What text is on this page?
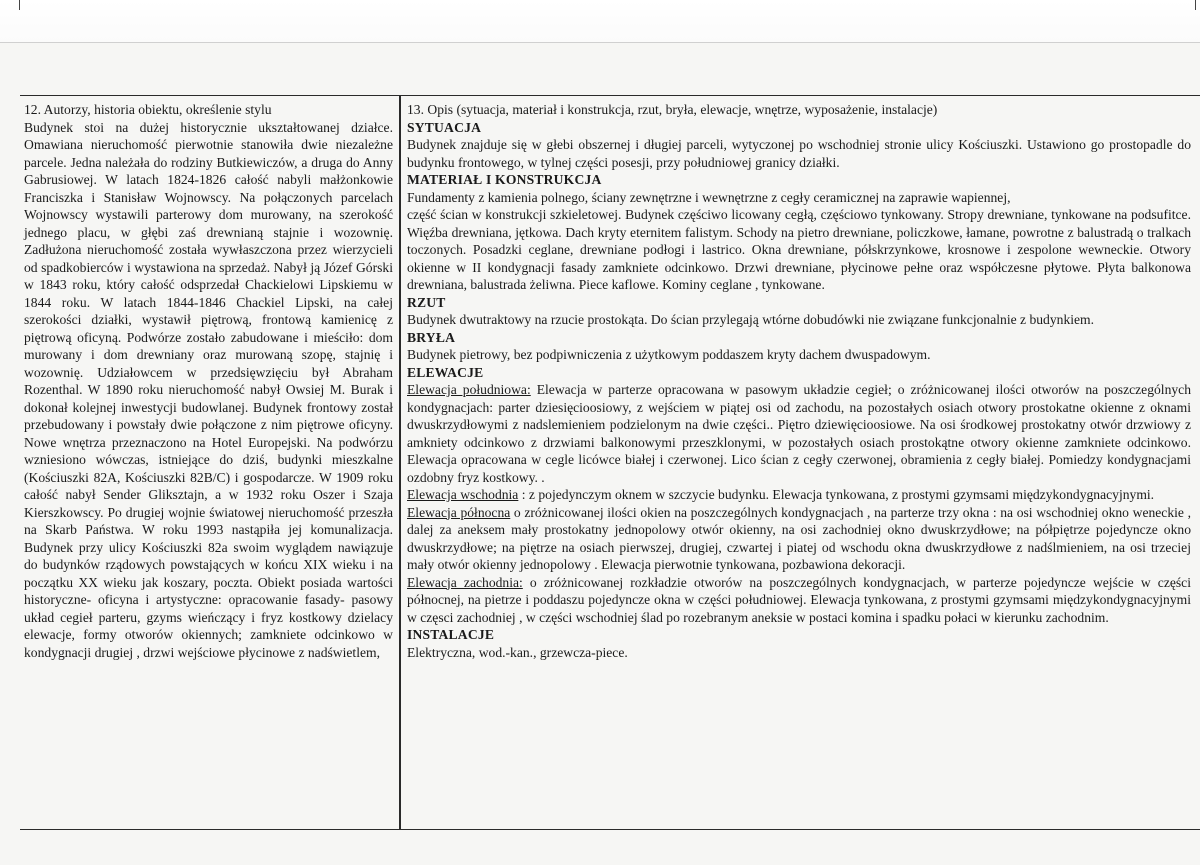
12. Autorzy, historia obiektu, określenie stylu

Budynek stoi na dużej historycznie ukształtowanej działce. Omawiana nieruchomość pierwotnie stanowiła dwie niezależne parcele. Jedna należała do rodziny Butkiewiczów, a druga do Anny Gabrusiowej. W latach 1824-1826 całość nabyli małżonkowie Franciszka i Stanisław Wojnowscy. Na połączonych parcelach Wojnowscy wystawili parterowy dom murowany, na szerokość jednego placu, w głębi zaś drewnianą stajnie i wozownię. Zadłużona nieruchomość została wywłaszczona przez wierzycieli od spadkobierców i wystawiona na sprzedaż. Nabył ją Józef Górski w 1843 roku, który całość odsprzedał Chackielowi Lipskiemu w 1844 roku. W latach 1844-1846 Chackiel Lipski, na całej szerokości działki, wystawił piętrową, frontową kamienicę z piętrową oficyną. Podwórze zostało zabudowane i mieściło: dom murowany i dom drewniany oraz murowaną szopę, stajnię i wozownię. Udziałowcem w przedsięwzięciu był Abraham Rozenthal. W 1890 roku nieruchomość nabył Owsiej M. Burak i dokonał kolejnej inwestycji budowlanej. Budynek frontowy został przebudowany i powstały dwie połączone z nim piętrowe oficyny. Nowe wnętrza przeznaczono na Hotel Europejski. Na podwórzu wzniesiono wówczas, istniejące do dziś, budynki mieszkalne (Kościuszki 82A, Kościuszki 82B/C) i gospodarcze. W 1909 roku całość nabył Sender Gliksztajn, a w 1932 roku Oszer i Szaja Kierszkowscy. Po drugiej wojnie światowej nieruchomość przeszła na Skarb Państwa. W roku 1993 nastąpiła jej komunalizacja. Budynek przy ulicy Kościuszki 82a swoim wyglądem nawiązuje do budynków rządowych powstających w końcu XIX wieku i na początku XX wieku jak koszary, poczta. Obiekt posiada wartości historyczne- oficyna i artystyczne: opracowanie fasady- pasowy układ cegieł parteru, gzyms wieńczący i fryz kostkowy dzielacy elewacje, formy otworów okiennych; zamkniete odcinkowo w kondygnacji drugiej , drzwi wejściowe płycinowe z nadświetlem,

13. Opis (sytuacja, materiał i konstrukcja, rzut, bryła, elewacje, wnętrze, wyposażenie, instalacje)

SYTUACJA

Budynek znajduje się w głebi obszernej i długiej parceli, wytyczonej po wschodniej stronie ulicy Kościuszki. Ustawiono go prostopadle do budynku frontowego, w tylnej części posesji, przy południowej granicy działki.

MATERIAŁ I KONSTRUKCJA

Fundamenty z kamienia polnego, ściany zewnętrzne i wewnętrzne z cegły ceramicznej na zaprawie wapiennej,

część ścian w konstrukcji szkieletowej. Budynek częściwo licowany cegłą, częściowo tynkowany. Stropy drewniane, tynkowane na podsufitce. Więźba drewniana, jętkowa. Dach kryty eternitem falistym. Schody na pietro drewniane, policzkowe, łamane, powrotne z balustradą o tralkach toczonych. Posadzki ceglane, drewniane podłogi i lastrico. Okna drewniane, półskrzynkowe, krosnowe i zespolone wewneckie. Otwory okienne w II kondygnacji fasady zamkniete odcinkowo. Drzwi drewniane, płycinowe pełne oraz współczesne płytowe. Płyta balkonowa drewniana, balustrada żeliwna. Piece kaflowe. Kominy ceglane , tynkowane.

RZUT

Budynek dwutraktowy na rzucie prostokąta. Do ścian przylegają wtórne dobudówki nie związane funkcjonalnie z budynkiem.

BRYŁA

Budynek pietrowy, bez podpiwniczenia z użytkowym poddaszem kryty dachem dwuspadowym.

ELEWACJE

Elewacja południowa: Elewacja w parterze opracowana w pasowym układzie cegieł; o zróżnicowanej ilości otworów na poszczególnych kondygnacjach: parter dziesięcioosiowy, z wejściem w piątej osi od zachodu, na pozostałych osiach otwory prostokatne okienne z oknami dwuskrzydłowymi z nadslemieniem podzielonym na dwie części.. Piętro dziewięcioosiowe. Na osi środkowej prostokatny otwór drzwiowy z amkniety odcinkowo z drzwiami balkonowymi przeszklonymi, w pozostałych osiach prostokątne otwory okienne zamkniete odcinkowo. Elewacja opracowana w cegle licówce białej i czerwonej. Lico ścian z cegły czerwonej, obramienia z cegły białej. Pomiedzy kondygnacjami ozdobny fryz kostkowy. .

Elewacja wschodnia : z pojedynczym oknem w szczycie budynku. Elewacja tynkowana, z prostymi gzymsami międzykondygnacyjnymi.

Elewacja północna o zróżnicowanej ilości okien na poszczególnych kondygnacjach , na parterze trzy okna : na osi wschodniej okno weneckie , dalej za aneksem mały prostokatny jednopolowy otwór okienny, na osi zachodniej okno dwuskrzydłowe; na półpiętrze pojedyncze okno dwuskrzydłowe; na piętrze na osiach pierwszej, drugiej, czwartej i piatej od wschodu okna dwuskrzydłowe z nadślmieniem, na osi trzeciej mały otwór okienny jednopolowy . Elewacja pierwotnie tynkowana, pozbawiona dekoracji.

Elewacja zachodnia: o zróżnicowanej rozkładzie otworów na poszczególnych kondygnacjach, w parterze pojedyncze wejście w części północnej, na pietrze i poddaszu pojedyncze okna w części południowej. Elewacja tynkowana, z prostymi gzymsami międzykondygnacyjnymi w częsci zachodniej , w części wschodniej ślad po rozebranym aneksie w postaci komina i spadku połaci w kierunku zachodnim.

INSTALACJE

Elektryczna, wod.-kan., grzewcza-piece.
